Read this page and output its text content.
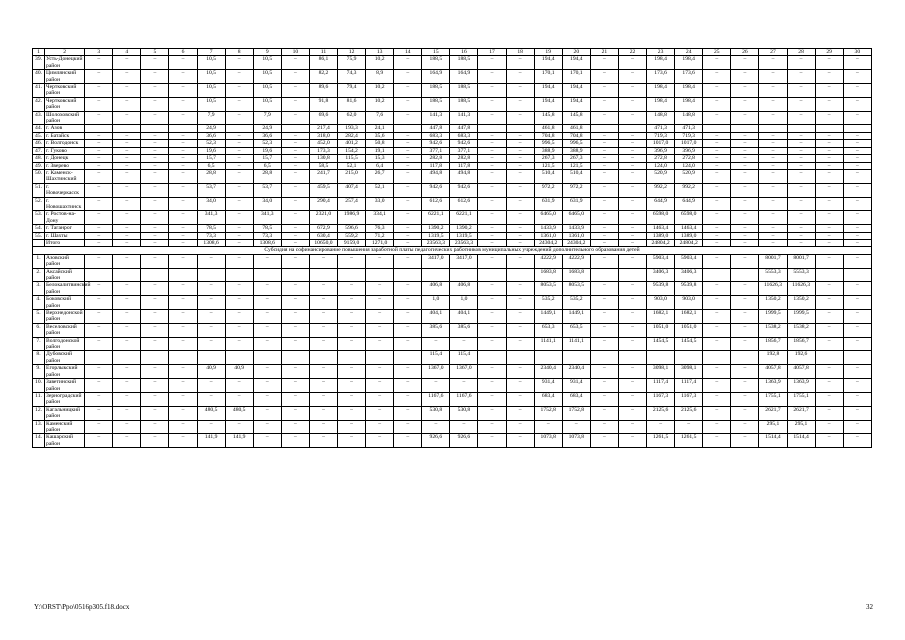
1	2	3	4	5	6	7	8	9	10	11	12	13	14	15	16	17	18	19	20	21	22	23	24	25	26	27	28	29	30
39.	Усть-Донецкий район	–	–	–	–	10,5	–	10,5	–	86,1	75,9	10,2	–	188,5	188,5	–	–	194,4	194,4	–	–	198,4	198,4	–	–	–	–	–	–
40.	Цимлянский район	–	–	–	–	10,5	–	10,5	–	82,2	74,3	8,9	–	164,9	164,9	–	–	170,1	170,1	–	–	173,6	173,6	–	–	–	–	–	–
41.	Чертковский район	–	–	–	–	10,5	–	10,5	–	89,6	79,4	10,2	–	188,5	188,5	–	–	194,4	194,4	–	–	198,4	198,4	–	–	–	–	–	–
42.	Чертковский район	–	–	–	–	10,5	–	10,5	–	91,8	81,6	10,2	–	188,5	188,5	–	–	194,4	194,4	–	–	198,4	198,4	–	–	–	–	–	–
43.	Шолоховский район	–	–	–	–	7,9	–	7,9	–	69,6	62,0	7,6	–	141,3	141,3	–	–	145,8	145,8	–	–	148,8	148,8	–	–	–	–	–	–
44.	г. Азов					24,9		24,9		217,4	193,3	24,1		447,8	447,8			461,8	461,8			471,3	471,3						
45.	г. Батайск	–	–	–	–	36,6	–	36,6	–	318,0	282,4	35,6	–	683,3	683,3	–	–	704,8	704,8	–	–	719,3	719,3	–	–	–	–	–	–
46.	г. Волгодонск	–	–	–	–	52,3	–	52,3	–	452,0	401,2	50,8	–	942,6	942,6	–	–	996,5	996,5	–	–	1017,0	1017,0	–	–	–	–	–	–
47.	г. Гуково	–	–	–	–	19,6	–	19,6	–	173,3	154,2	19,1	–	377,1	377,1	–	–	388,9	388,9	–	–	396,9	396,9	–	–	–	–	–	–
48.	г. Донецк	–	–	–	–	15,7	–	15,7	–	130,8	115,5	15,3	–	282,8	282,8	–	–	267,3	267,3	–	–	272,8	272,8	–	–	–	–	–	–
49.	г. Зверево	–	–	–	–	6,5	–	6,5	–	58,5	52,1	6,4	–	117,8	117,8	–	–	121,5	121,5	–	–	124,0	124,0	–	–	–	–	–	–
50.	г. Каменск-Шахтинский	–	–	–	–	28,8	–	28,8	–	241,7	215,0	26,7	–	494,8	494,8	–	–	510,4	510,4	–	–	520,9	520,9	–	–	–	–	–	–
51.	г. Новочеркасск	–	–	–	–	53,7	–	53,7	–	459,5	407,4	52,1	–	942,6	942,6	–	–	972,2	972,2	–	–	992,2	992,2	–	–	–	–	–	–
52.	г. Новошахтинск	–	–	–	–	34,0	–	34,0	–	290,4	257,4	33,0	–	612,6	612,6	–	–	631,9	631,9	–	–	644,9	644,9	–	–	–	–	–	–
53.	г. Ростов-на-Дону	–	–	–	–	341,3	–	341,3	–	2321,0	1986,9	334,1	–	6221,1	6221,1	–	–	6465,0	6465,0	–	–	6598,0	6598,0	–	–	–	–	–	–
54.	г. Таганрог	–	–	–	–	78,5	–	78,5	–	672,9	596,6	76,3	–	1390,2	1390,2	–	–	1433,9	1433,9	–	–	1463,4	1463,4	–	–	–	–	–	–
55.	г. Шахты	–	–	–	–	73,3	–	73,3	–	630,4	559,2	71,2	–	1319,5	1319,5	–	–	1361,0	1361,0	–	–	1389,0	1389,0	–	–	–	–	–	–
	Итого	–	–	–	–	1308,6	–	1308,6	–	10650,0	9159,0	1271,0	–	23563,3	23563,3	–	–	24304,2	24304,2	–	–	24804,2	24804,2	–	–	–	–	–	–
Субсидия на софинансирование повышения заработной платы педагогических работников муниципальных учреждений дополнительного образования детей																													
1.	Азовский район	–	–	–	–	–	–	–	–	–	–	–	–	3417,0	3417,0	–	–	4222,9	4222,9	–	–	5903,4	5903,4	–	–	8001,7	8001,7	–	–
2.	Аксайский район																	1683,8	1683,8			3406,3	3406,3			5553,3	5553,3		
3.	Белокалитвинский район	–	–	–	–	–	–	–	–	–	–	–	–	406,8	406,8	–	–	8053,5	8053,5	–	–	9539,8	9539,8	–	–	11626,3	11626,3	–	–
4.	Боковский район	–	–	–	–	–	–	–	–	–	–	–	–	1,0	1,0	–	–	535,2	535,2	–	–	903,0	903,0	–	–	1350,2	1350,2	–	–
5.	Верхнедонской район	–	–	–	–	–	–	–	–	–	–	–	–	404,1	404,1	–	–	1449,1	1449,1	–	–	1682,1	1682,1	–	–	1999,5	1999,5	–	–
6.	Веселовский район	–	–	–	–	–	–	–	–	–	–	–	–	385,6	385,6	–	–	653,3	653,5	–	–	1051,0	1051,0	–	–	1538,2	1538,2	–	–
7.	Волгодонской район	–	–	–	–	–	–	–	–	–	–	–	–	–	–	–	–	1141,1	1141,1	–	–	1454,5	1454,5	–	–	1856,7	1856,7	–	–
8.	Дубовский район													115,4	115,4											192,8	192,6		
9.	Егорлыкский район	–	–	–	–	40,9	40,9	–	–	–	–	–	–	1367,0	1367,0	–	–	2340,4	2340,4	–	–	3098,1	3098,1	–	–	4057,8	4057,8	–	–
10.	Заветинский район	–	–	–	–	–	–	–	–	–	–	–	–	–	–	–	–	931,4	931,4	–	–	1117,4	1117,4	–	–	1363,9	1363,9	–	–
11.	Зерноградский район	–	–	–	–	–	–	–	–	–	–	–	–	1167,6	1167,6	–	–	683,4	683,4	–	–	1167,3	1167,3	–	–	1755,1	1755,1	–	–
12.	Кагальницкий район	–	–	–	–	480,5	480,5	–	–	–	–	–	–	530,8	530,8	–	–	1752,8	1752,8	–	–	2125,6	2125,6	–	–	2621,7	2621,7	–	–
13.	Каменский район	–	–	–	–	–	–	–	–	–	–	–	–	–	–	–	–	–	–	–	–	–	–	–	–	295,1	295,1	–	–
14.	Кашарский район	–	–	–	–	141,9	141,9	–	–	–	–	–	–	926,6	926,6	–	–	1073,8	1073,8	–	–	1261,5	1261,5	–	–	1514,4	1514,4	–	–
Y:\ORST\Ppo\0516p305.f18.docx	32
